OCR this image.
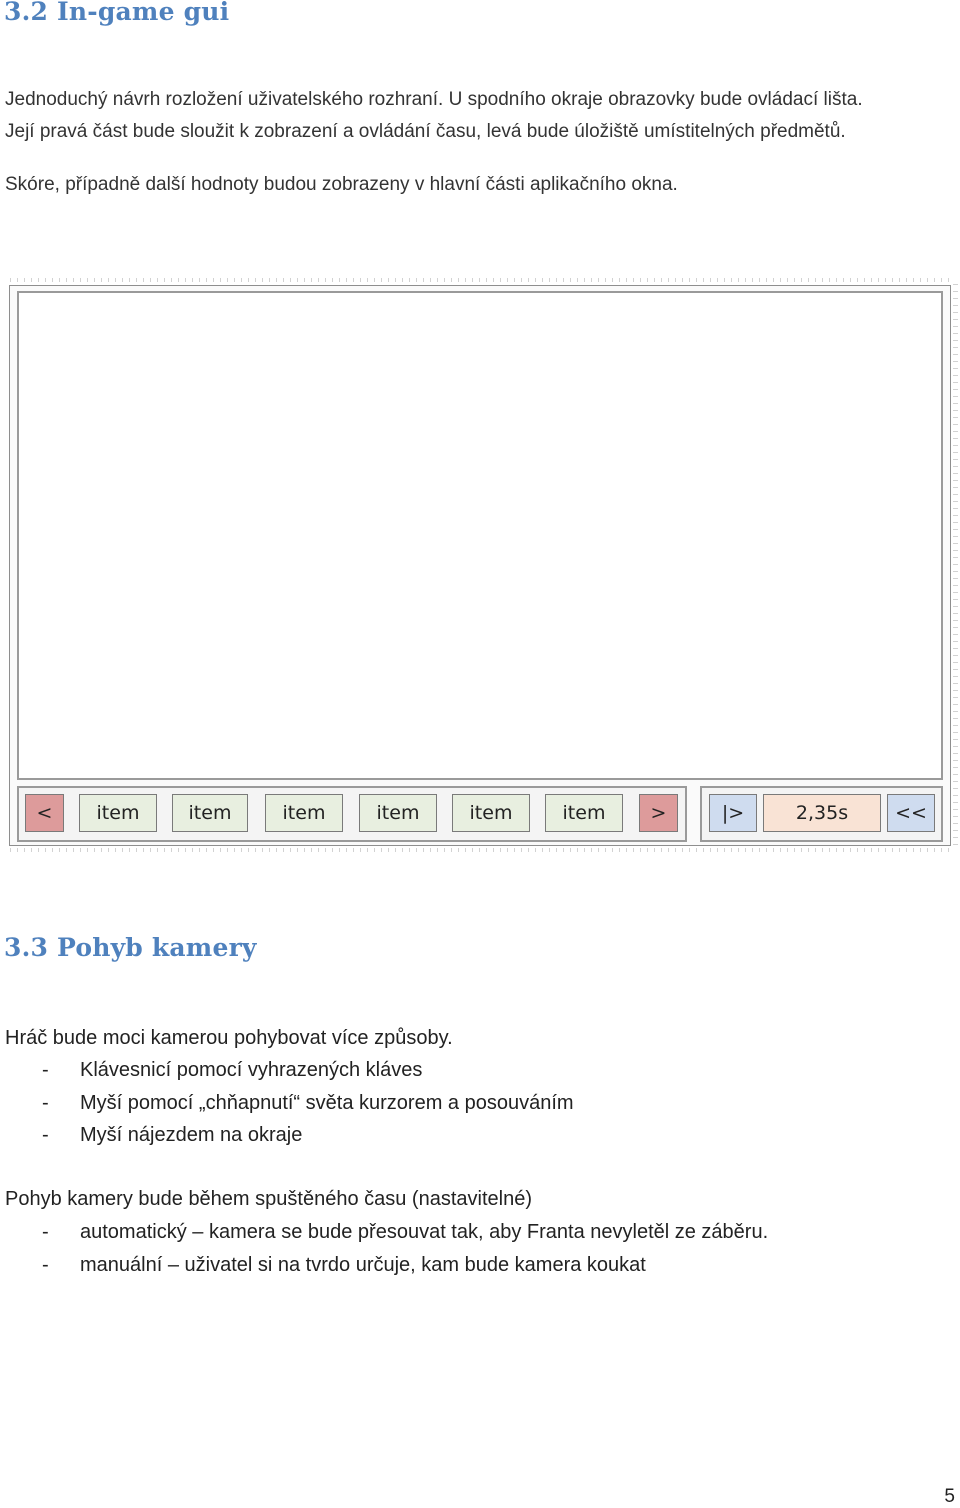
3.2 In-game gui
Jednoduchý návrh rozložení uživatelského rozhraní. U spodního okraje obrazovky bude ovládací lišta.
Její pravá část bude sloužit k zobrazení a ovládání času, levá bude úložiště umístitelných předmětů.
Skóre, případně další hodnoty budou zobrazeny v hlavní části aplikačního okna.
<	item	item	item	item	item	item	>	|>	2,35s	<<
3.3 Pohyb kamery
Hráč bude moci kamerou pohybovat více způsoby.
- Klávesnicí pomocí vyhrazených kláves
- Myší pomocí „chňapnutí“ světa kurzorem a posouváním
- Myší nájezdem na okraje
Pohyb kamery bude během spuštěného času (nastavitelné)
- automatický – kamera se bude přesouvat tak, aby Franta nevyletěl ze záběru.
- manuální – uživatel si na tvrdo určuje, kam bude kamera koukat
5
